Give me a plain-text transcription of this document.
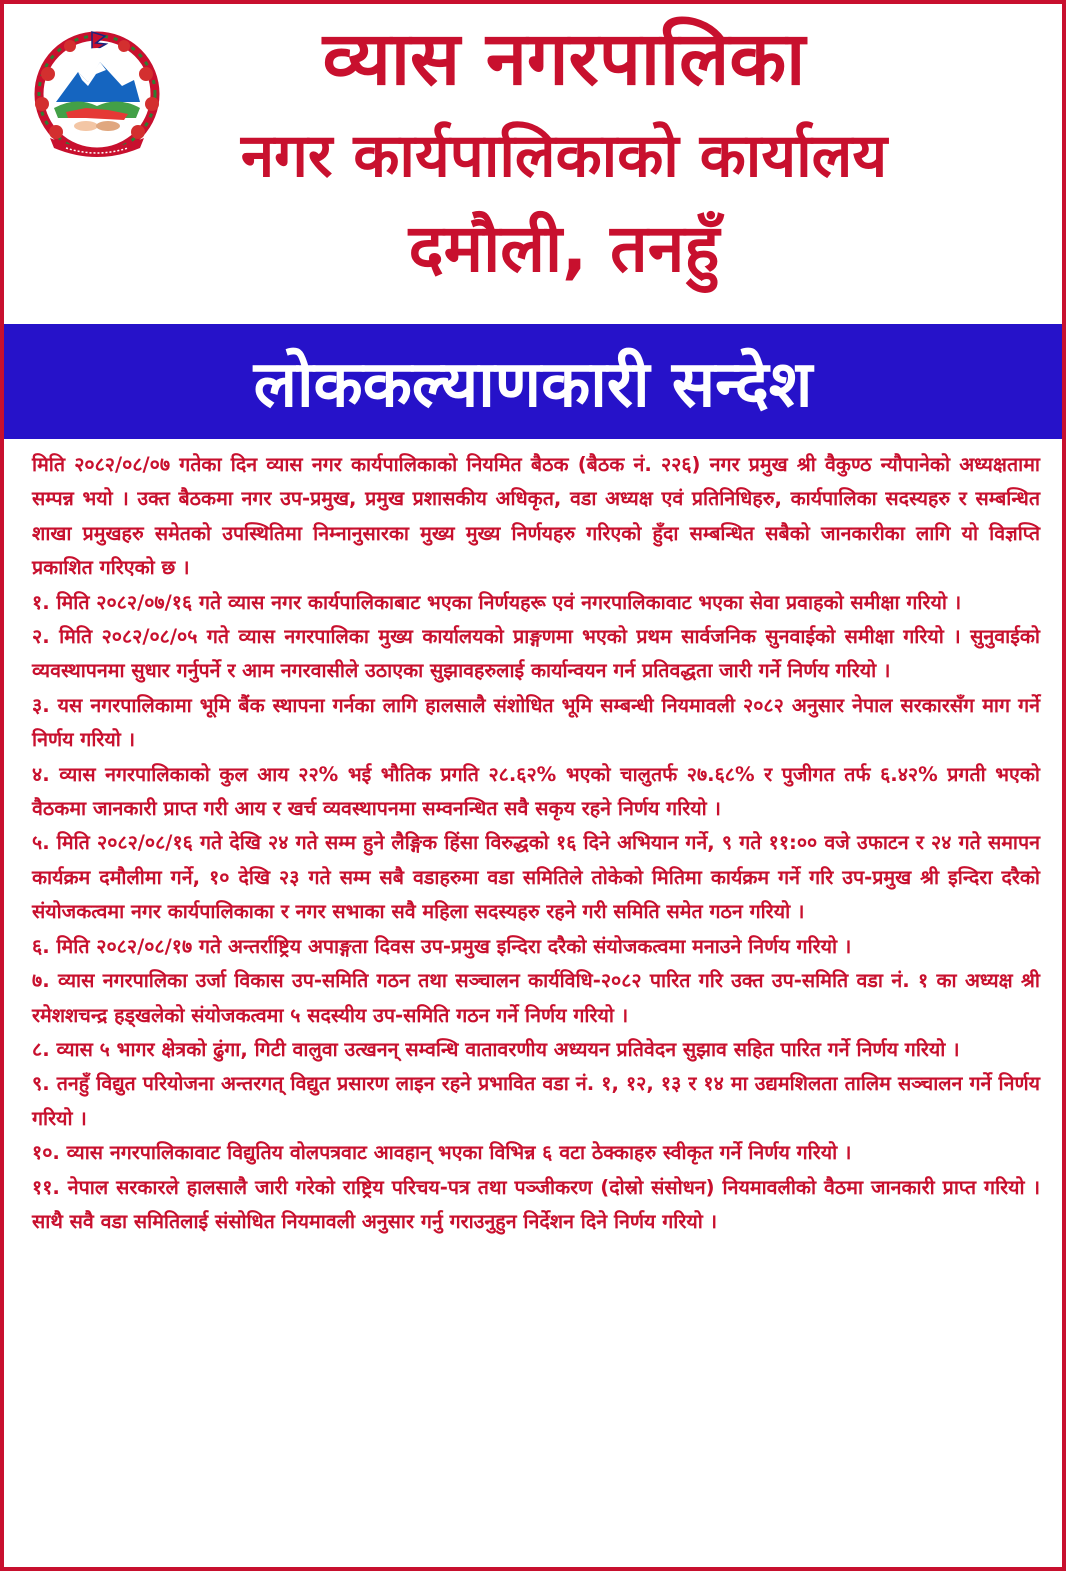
व्यास नगरपालिका
नगर कार्यपालिकाको कार्यालय
दमौली, तनहुँ
लोककल्याणकारी सन्देश

मिति २०८२/०८/०७ गतेका दिन व्यास नगर कार्यपालिकाको नियमित बैठक (बैठक नं. २२६) नगर प्रमुख श्री वैकुण्ठ न्यौपानेको अध्यक्षतामा सम्पन्न भयो । उक्त बैठकमा नगर उप-प्रमुख, प्रमुख प्रशासकीय अधिकृत, वडा अध्यक्ष एवं प्रतिनिधिहरु, कार्यपालिका सदस्यहरु र सम्बन्धित शाखा प्रमुखहरु समेतको उपस्थितिमा निम्नानुसारका मुख्य मुख्य निर्णयहरु गरिएको हुँदा सम्बन्धित सबैको जानकारीका लागि यो विज्ञप्ति प्रकाशित गरिएको छ ।

१. मिति २०८२/०७/१६ गते व्यास नगर कार्यपालिकाबाट भएका निर्णयहरू एवं नगरपालिकावाट भएका सेवा प्रवाहको समीक्षा गरियो ।

२. मिति २०८२/०८/०५ गते व्यास नगरपालिका मुख्य कार्यालयको प्राङ्गणमा भएको प्रथम सार्वजनिक सुनवाईको समीक्षा गरियो । सुनुवाईको व्यवस्थापनमा सुधार गर्नुपर्ने र आम नगरवासीले उठाएका सुझावहरुलाई कार्यान्वयन गर्न प्रतिवद्धता जारी गर्ने निर्णय गरियो ।

३. यस नगरपालिकामा भूमि बैंक स्थापना गर्नका लागि हालसालै संशोधित भूमि सम्बन्धी नियमावली २०८२ अनुसार नेपाल सरकारसँग माग गर्ने निर्णय गरियो ।

४. व्यास नगरपालिकाको कुल आय २२% भई भौतिक प्रगति २८.६२% भएको चालुतर्फ २७.६८% र पुजीगत तर्फ ६.४२% प्रगती भएको वैठकमा जानकारी प्राप्त गरी आय र खर्च व्यवस्थापनमा सम्वनन्धित सवै सकृय रहने निर्णय गरियो ।

५. मिति २०८२/०८/१६ गते देखि २४ गते सम्म हुने लैङ्गिक हिंसा विरुद्धको १६ दिने अभियान गर्ने, ९ गते ११:०० वजे उफाटन र २४ गते समापन कार्यक्रम दमौलीमा गर्ने, १० देखि २३ गते सम्म सबै वडाहरुमा वडा समितिले तोकेको मितिमा कार्यक्रम गर्ने गरि उप-प्रमुख श्री इन्दिरा दरैको संयोजकत्वमा नगर कार्यपालिकाका र नगर सभाका सवै महिला सदस्यहरु रहने गरी समिति समेत गठन गरियो ।

६. मिति २०८२/०८/१७ गते अन्तर्राष्ट्रिय अपाङ्गता दिवस उप-प्रमुख इन्दिरा दरैको संयोजकत्वमा मनाउने निर्णय गरियो ।

७. व्यास नगरपालिका उर्जा विकास उप-समिति गठन तथा सञ्चालन कार्यविधि-२०८२ पारित गरि उक्त उप-समिति वडा नं. १ का अध्यक्ष श्री रमेशशचन्द्र हड्खलेको संयोजकत्वमा ५ सदस्यीय उप-समिति गठन गर्ने निर्णय गरियो ।

८. व्यास ५ भागर क्षेत्रको ढुंगा, गिटी वालुवा उत्खनन् सम्वन्धि वातावरणीय अध्ययन प्रतिवेदन सुझाव सहित पारित गर्ने निर्णय गरियो ।

९. तनहुँ विद्युत परियोजना अन्तरगत् विद्युत प्रसारण लाइन रहने प्रभावित वडा नं. १, १२, १३ र १४ मा उद्यमशिलता तालिम सञ्चालन गर्ने निर्णय गरियो ।

१०. व्यास नगरपालिकावाट विद्युतिय वोलपत्रवाट आवहान् भएका विभिन्न ६ वटा ठेक्काहरु स्वीकृत गर्ने निर्णय गरियो ।

११. नेपाल सरकारले हालसालै जारी गरेको राष्ट्रिय परिचय-पत्र तथा पञ्जीकरण (दोस्रो संसोधन) नियमावलीको वैठमा जानकारी प्राप्त गरियो । साथै सवै वडा समितिलाई संसोधित नियमावली अनुसार गर्नु गराउनुहुन निर्देशन दिने निर्णय गरियो ।
